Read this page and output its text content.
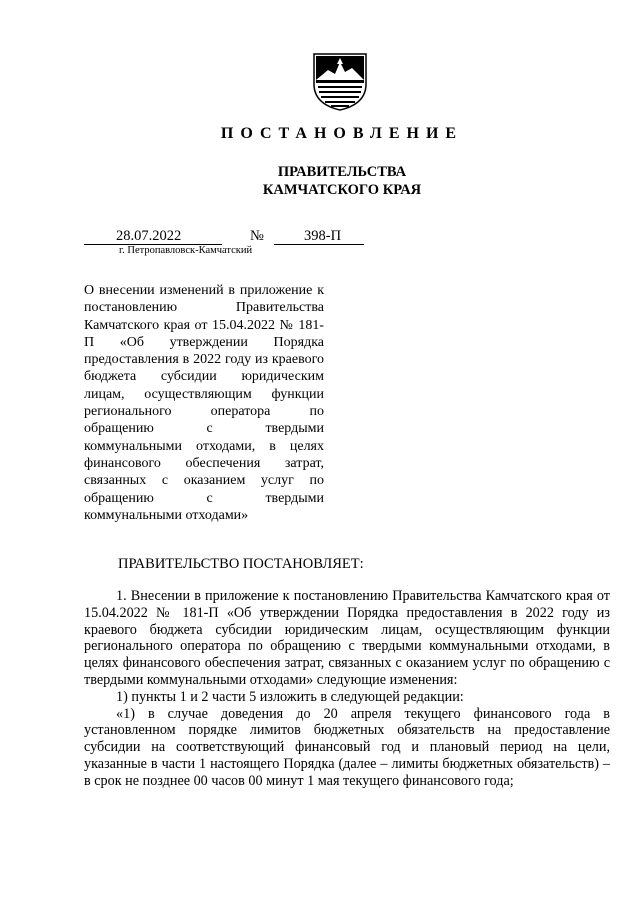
ПОСТАНОВЛЕНИЕ
ПРАВИТЕЛЬСТВА
КАМЧАТСКОГО КРАЯ
28.07.2022	№	398-П
г. Петропавловск-Камчатский
О внесении изменений в приложение к постановлению Правительства Камчатского края от 15.04.2022 № 181-П «Об утверждении Порядка предоставления в 2022 году из краевого бюджета субсидии юридическим лицам, осуществляющим функции регионального оператора по обращению с твердыми коммунальными отходами, в целях финансового обеспечения затрат, связанных с оказанием услуг по обращению с твердыми коммунальными отходами»
ПРАВИТЕЛЬСТВО ПОСТАНОВЛЯЕТ:

1. Внесении в приложение к постановлению Правительства Камчатского края от 15.04.2022 № 181-П «Об утверждении Порядка предоставления в 2022 году из краевого бюджета субсидии юридическим лицам, осуществляющим функции регионального оператора по обращению с твердыми коммунальными отходами, в целях финансового обеспечения затрат, связанных с оказанием услуг по обращению с твердыми коммунальными отходами» следующие изменения:

1) пункты 1 и 2 части 5 изложить в следующей редакции:

«1) в случае доведения до 20 апреля текущего финансового года в установленном порядке лимитов бюджетных обязательств на предоставление субсидии на соответствующий финансовый год и плановый период на цели, указанные в части 1 настоящего Порядка (далее – лимиты бюджетных обязательств) – в срок не позднее 00 часов 00 минут 1 мая текущего финансового года;
